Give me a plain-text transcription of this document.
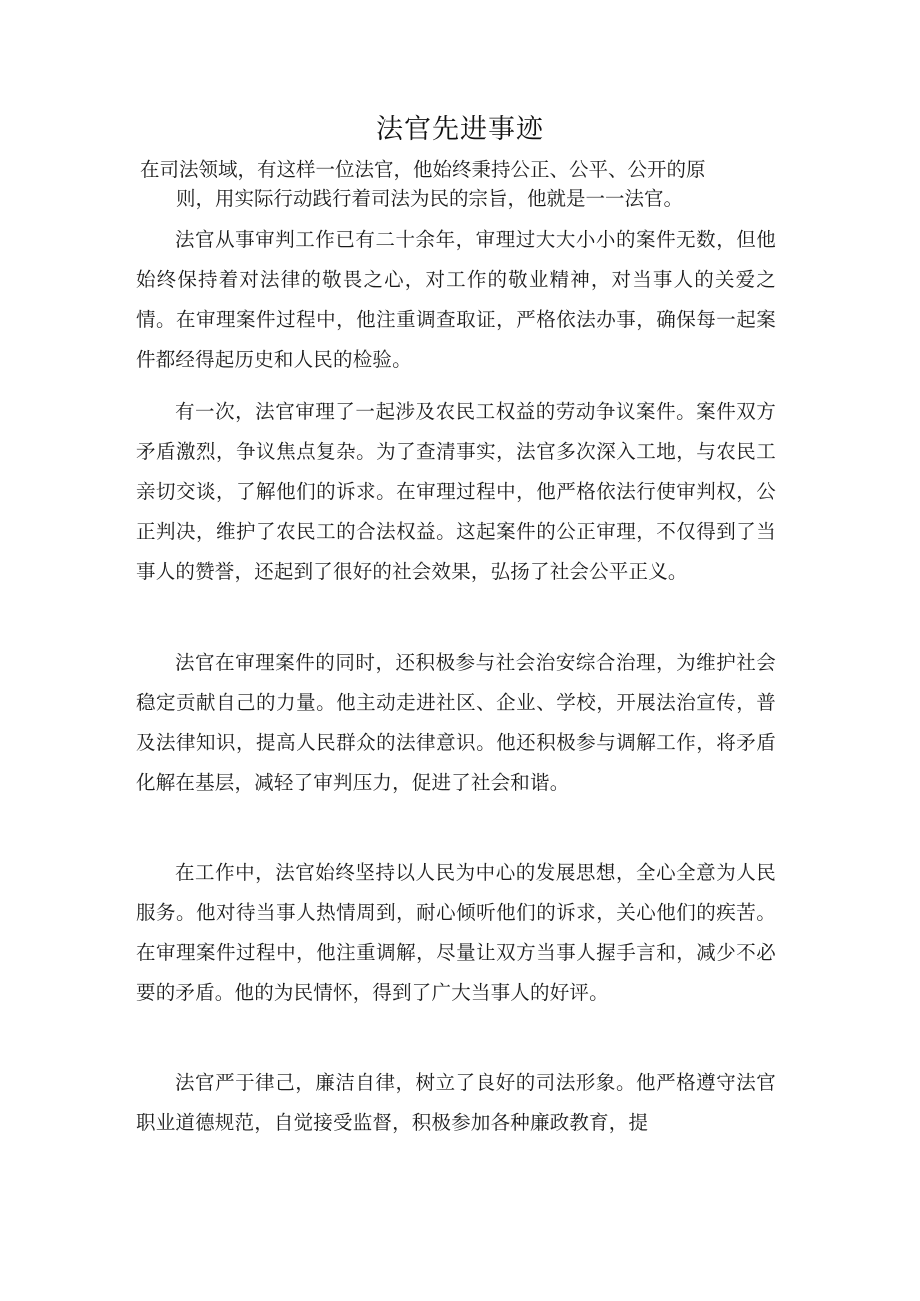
法官先进事迹
在司法领域，有这样一位法官，他始终秉持公正、公平、公开的原
则，用实际行动践行着司法为民的宗旨，他就是一一法官。

法官从事审判工作已有二十余年，审理过大大小小的案件无数，但他始终保持着对法律的敬畏之心，对工作的敬业精神，对当事人的关爱之情。在审理案件过程中，他注重调查取证，严格依法办事，确保每一起案件都经得起历史和人民的检验。

有一次，法官审理了一起涉及农民工权益的劳动争议案件。案件双方矛盾激烈，争议焦点复杂。为了查清事实，法官多次深入工地，与农民工亲切交谈，了解他们的诉求。在审理过程中，他严格依法行使审判权，公正判决，维护了农民工的合法权益。这起案件的公正审理，不仅得到了当事人的赞誉，还起到了很好的社会效果，弘扬了社会公平正义。

法官在审理案件的同时，还积极参与社会治安综合治理，为维护社会稳定贡献自己的力量。他主动走进社区、企业、学校，开展法治宣传，普及法律知识，提高人民群众的法律意识。他还积极参与调解工作，将矛盾化解在基层，减轻了审判压力，促进了社会和谐。

在工作中，法官始终坚持以人民为中心的发展思想，全心全意为人民服务。他对待当事人热情周到，耐心倾听他们的诉求，关心他们的疾苦。在审理案件过程中，他注重调解，尽量让双方当事人握手言和，减少不必要的矛盾。他的为民情怀，得到了广大当事人的好评。

法官严于律己，廉洁自律，树立了良好的司法形象。他严格遵守法官职业道德规范，自觉接受监督，积极参加各种廉政教育，提
